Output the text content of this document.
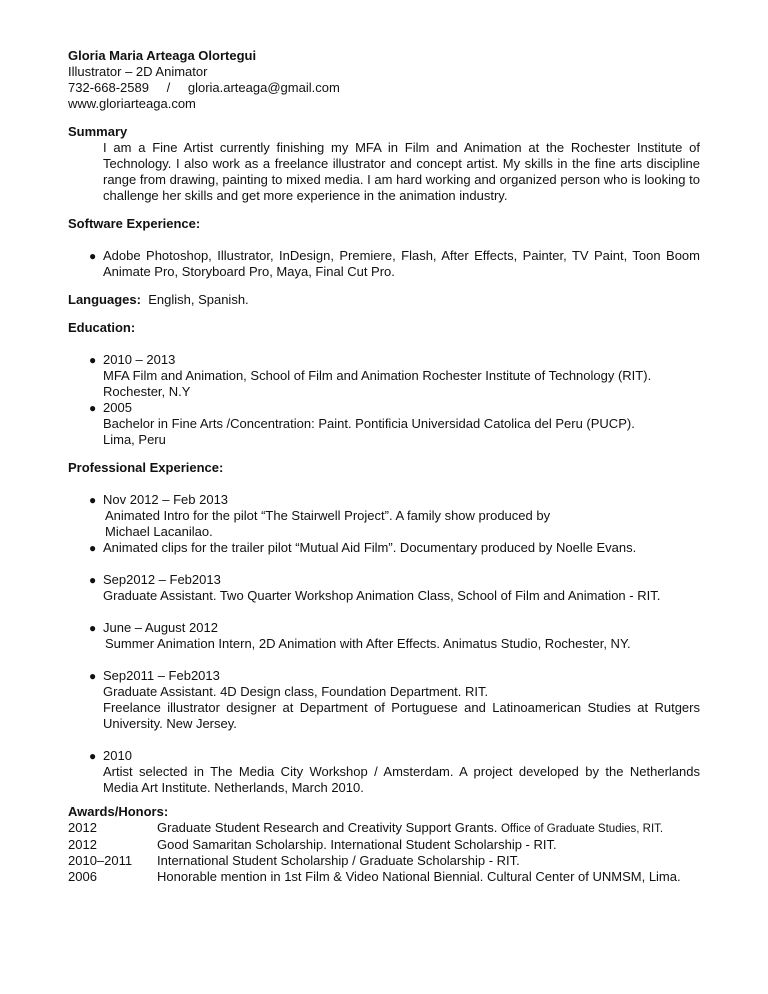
Gloria Maria Arteaga Olortegui
Illustrator – 2D Animator
732-668-2589 / gloria.arteaga@gmail.com
www.gloriarteaga.com
Summary
I am a Fine Artist currently finishing my MFA in Film and Animation at the Rochester Institute of Technology. I also work as a freelance illustrator and concept artist. My skills in the fine arts discipline range from drawing, painting to mixed media. I am hard working and organized person who is looking to challenge her skills and get more experience in the animation industry.
Software Experience:
● Adobe Photoshop, Illustrator, InDesign, Premiere, Flash, After Effects, Painter, TV Paint, Toon Boom Animate Pro, Storyboard Pro, Maya, Final Cut Pro.
Languages: English, Spanish.
Education:
● 2010 – 2013
MFA Film and Animation, School of Film and Animation Rochester Institute of Technology (RIT).
Rochester, N.Y
● 2005
Bachelor in Fine Arts /Concentration: Paint. Pontificia Universidad Catolica del Peru (PUCP).
Lima, Peru
Professional Experience:
● Nov 2012 – Feb 2013
Animated Intro for the pilot “The Stairwell Project”. A family show produced by
Michael Lacanilao.
● Animated clips for the trailer pilot “Mutual Aid Film”. Documentary produced by Noelle Evans.
● Sep2012 – Feb2013
Graduate Assistant. Two Quarter Workshop Animation Class, School of Film and Animation - RIT.
● June – August 2012
Summer Animation Intern, 2D Animation with After Effects. Animatus Studio, Rochester, NY.
● Sep2011 – Feb2013
Graduate Assistant. 4D Design class, Foundation Department. RIT.
Freelance illustrator designer at Department of Portuguese and Latinoamerican Studies at Rutgers University. New Jersey.
● 2010
Artist selected in The Media City Workshop / Amsterdam. A project developed by the Netherlands Media Art Institute. Netherlands, March 2010.
Awards/Honors:
2012	Graduate Student Research and Creativity Support Grants. Office of Graduate Studies, RIT.
2012	Good Samaritan Scholarship. International Student Scholarship - RIT.
2010–2011	International Student Scholarship / Graduate Scholarship - RIT.
2006	Honorable mention in 1st Film & Video National Biennial. Cultural Center of UNMSM, Lima.
